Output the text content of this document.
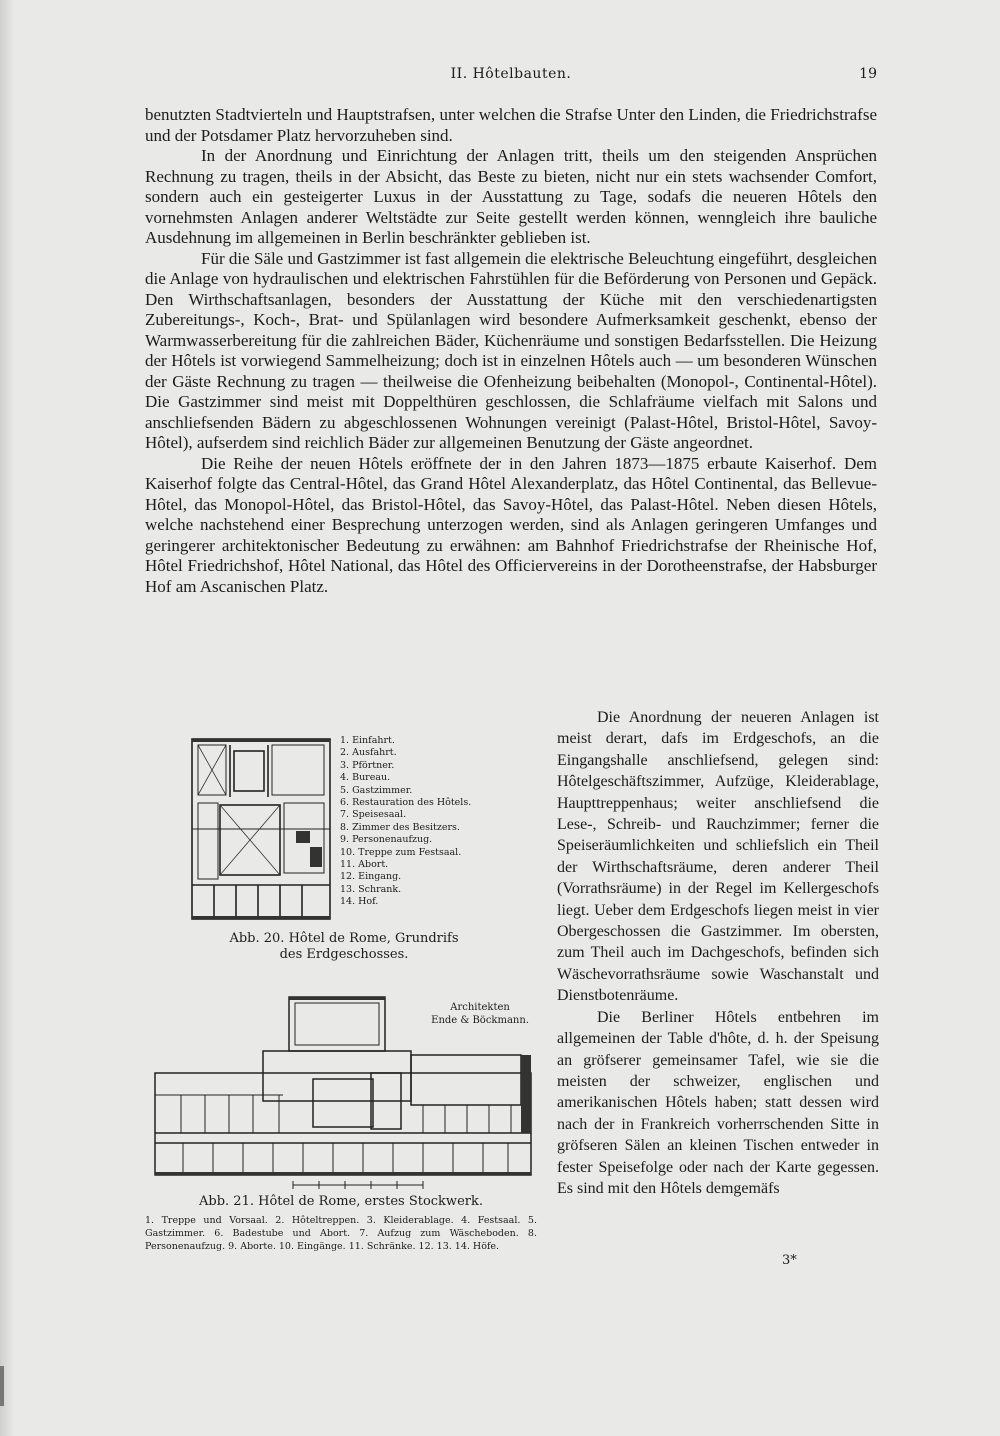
II. Hôtelbauten.	19

benutzten Stadtvierteln und Hauptstrafsen, unter welchen die Strafse Unter den Linden, die Friedrichstrafse und der Potsdamer Platz hervorzuheben sind.

In der Anordnung und Einrichtung der Anlagen tritt, theils um den steigenden Ansprüchen Rechnung zu tragen, theils in der Absicht, das Beste zu bieten, nicht nur ein stets wachsender Comfort, sondern auch ein gesteigerter Luxus in der Ausstattung zu Tage, sodafs die neueren Hôtels den vornehmsten Anlagen anderer Weltstädte zur Seite gestellt werden können, wenngleich ihre bauliche Ausdehnung im allgemeinen in Berlin beschränkter geblieben ist.

Für die Säle und Gastzimmer ist fast allgemein die elektrische Beleuchtung eingeführt, desgleichen die Anlage von hydraulischen und elektrischen Fahrstühlen für die Beförderung von Personen und Gepäck. Den Wirthschaftsanlagen, besonders der Ausstattung der Küche mit den verschiedenartigsten Zubereitungs-, Koch-, Brat- und Spülanlagen wird besondere Aufmerksamkeit geschenkt, ebenso der Warmwasserbereitung für die zahlreichen Bäder, Küchenräume und sonstigen Bedarfsstellen. Die Heizung der Hôtels ist vorwiegend Sammelheizung; doch ist in einzelnen Hôtels auch — um besonderen Wünschen der Gäste Rechnung zu tragen — theilweise die Ofenheizung beibehalten (Monopol-, Continental-Hôtel). Die Gastzimmer sind meist mit Doppelthüren geschlossen, die Schlafräume vielfach mit Salons und anschliefsenden Bädern zu abgeschlossenen Wohnungen vereinigt (Palast-Hôtel, Bristol-Hôtel, Savoy-Hôtel), aufserdem sind reichlich Bäder zur allgemeinen Benutzung der Gäste angeordnet.

Die Reihe der neuen Hôtels eröffnete der in den Jahren 1873—1875 erbaute Kaiserhof. Dem Kaiserhof folgte das Central-Hôtel, das Grand Hôtel Alexanderplatz, das Hôtel Continental, das Bellevue-Hôtel, das Monopol-Hôtel, das Bristol-Hôtel, das Savoy-Hôtel, das Palast-Hôtel. Neben diesen Hôtels, welche nachstehend einer Besprechung unterzogen werden, sind als Anlagen geringeren Umfanges und geringerer architektonischer Bedeutung zu erwähnen: am Bahnhof Friedrichstrafse der Rheinische Hof, Hôtel Friedrichshof, Hôtel National, das Hôtel des Officiervereins in der Dorotheenstrafse, der Habsburger Hof am Ascanischen Platz.

1. Einfahrt.
2. Ausfahrt.
3. Pförtner.
4. Bureau.
5. Gastzimmer.
6. Restauration des Hôtels.
7. Speisesaal.
8. Zimmer des Besitzers.
9. Personenaufzug.
10. Treppe zum Festsaal.
11. Abort.
12. Eingang.
13. Schrank.
14. Hof.
Abb. 20. Hôtel de Rome, Grundrifs
des Erdgeschosses.
Architekten
Ende & Böckmann.
Abb. 21. Hôtel de Rome, erstes Stockwerk.
1. Treppe und Vorsaal. 2. Hôteltreppen. 3. Kleiderablage. 4. Festsaal. 5. Gastzimmer. 6. Badestube und Abort. 7. Aufzug zum Wäscheboden. 8. Personenaufzug. 9. Aborte. 10. Eingänge. 11. Schränke. 12. 13. 14. Höfe.

Die Anordnung der neueren Anlagen ist meist derart, dafs im Erdgeschofs, an die Eingangshalle anschliefsend, gelegen sind: Hôtelgeschäftszimmer, Aufzüge, Kleiderablage, Haupttreppenhaus; weiter anschliefsend die Lese-, Schreib- und Rauchzimmer; ferner die Speiseräumlichkeiten und schliefslich ein Theil der Wirthschaftsräume, deren anderer Theil (Vorrathsräume) in der Regel im Kellergeschofs liegt. Ueber dem Erdgeschofs liegen meist in vier Obergeschossen die Gastzimmer. Im obersten, zum Theil auch im Dachgeschofs, befinden sich Wäschevorrathsräume sowie Waschanstalt und Dienstbotenräume.

Die Berliner Hôtels entbehren im allgemeinen der Table d'hôte, d. h. der Speisung an gröfserer gemeinsamer Tafel, wie sie die meisten der schweizer, englischen und amerikanischen Hôtels haben; statt dessen wird nach der in Frankreich vorherrschenden Sitte in gröfseren Sälen an kleinen Tischen entweder in fester Speisefolge oder nach der Karte gegessen. Es sind mit den Hôtels demgemäfs

3*
